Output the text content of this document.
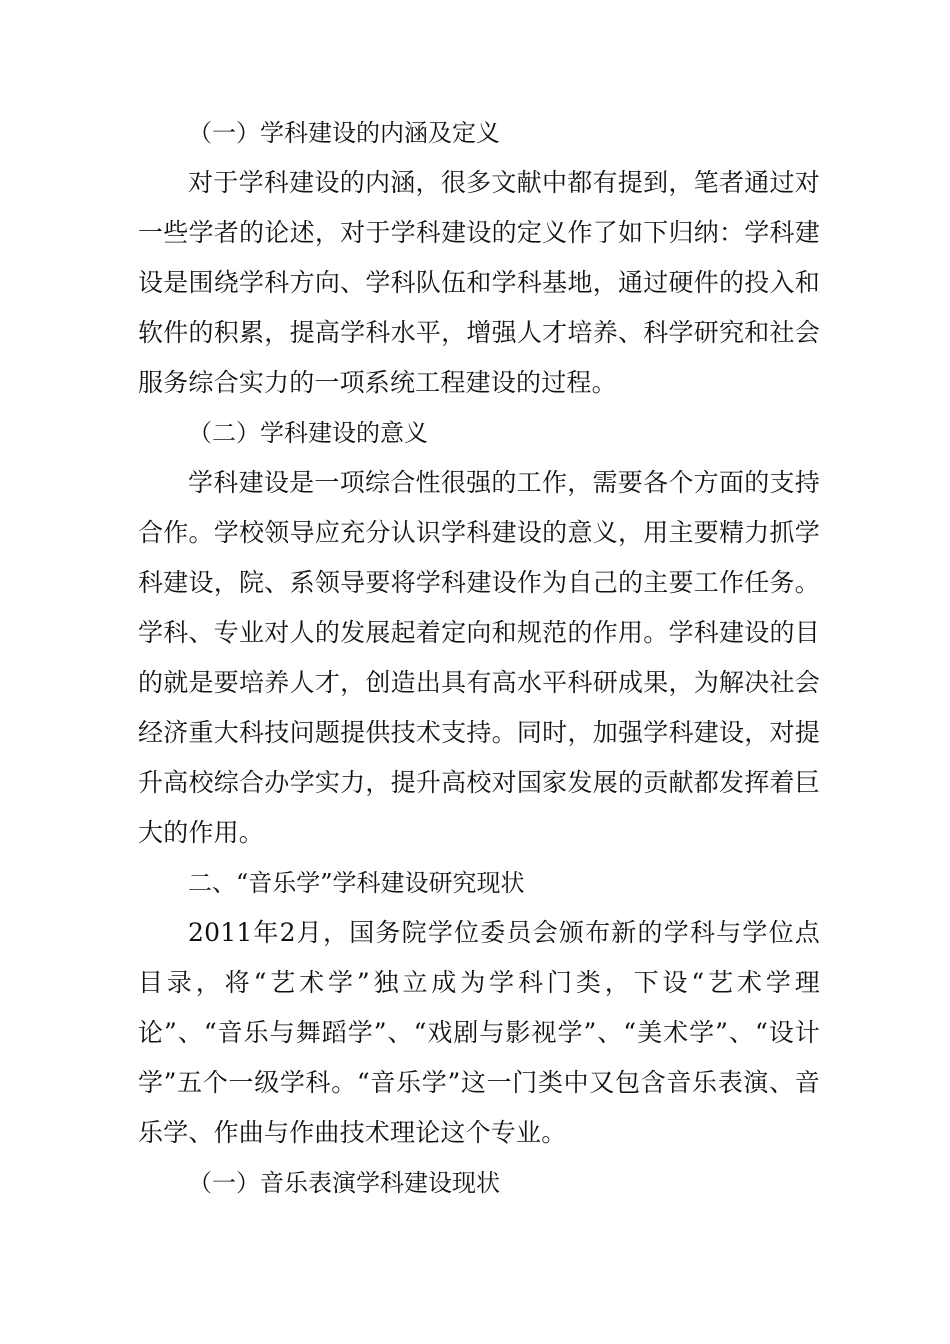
（一）学科建设的内涵及定义

对于学科建设的内涵，很多文献中都有提到，笔者通过对一些学者的论述，对于学科建设的定义作了如下归纳：学科建设是围绕学科方向、学科队伍和学科基地，通过硬件的投入和软件的积累，提高学科水平，增强人才培养、科学研究和社会服务综合实力的一项系统工程建设的过程。

（二）学科建设的意义

学科建设是一项综合性很强的工作，需要各个方面的支持合作。学校领导应充分认识学科建设的意义，用主要精力抓学科建设，院、系领导要将学科建设作为自己的主要工作任务。学科、专业对人的发展起着定向和规范的作用。学科建设的目的就是要培养人才，创造出具有高水平科研成果，为解决社会经济重大科技问题提供技术支持。同时，加强学科建设，对提升高校综合办学实力，提升高校对国家发展的贡献都发挥着巨大的作用。

二、“音乐学”学科建设研究现状

2011年2月，国务院学位委员会颁布新的学科与学位点目录，将“艺术学”独立成为学科门类，下设“艺术学理论”、“音乐与舞蹈学”、“戏剧与影视学”、“美术学”、“设计学”五个一级学科。“音乐学”这一门类中又包含音乐表演、音乐学、作曲与作曲技术理论这个专业。

（一）音乐表演学科建设现状
